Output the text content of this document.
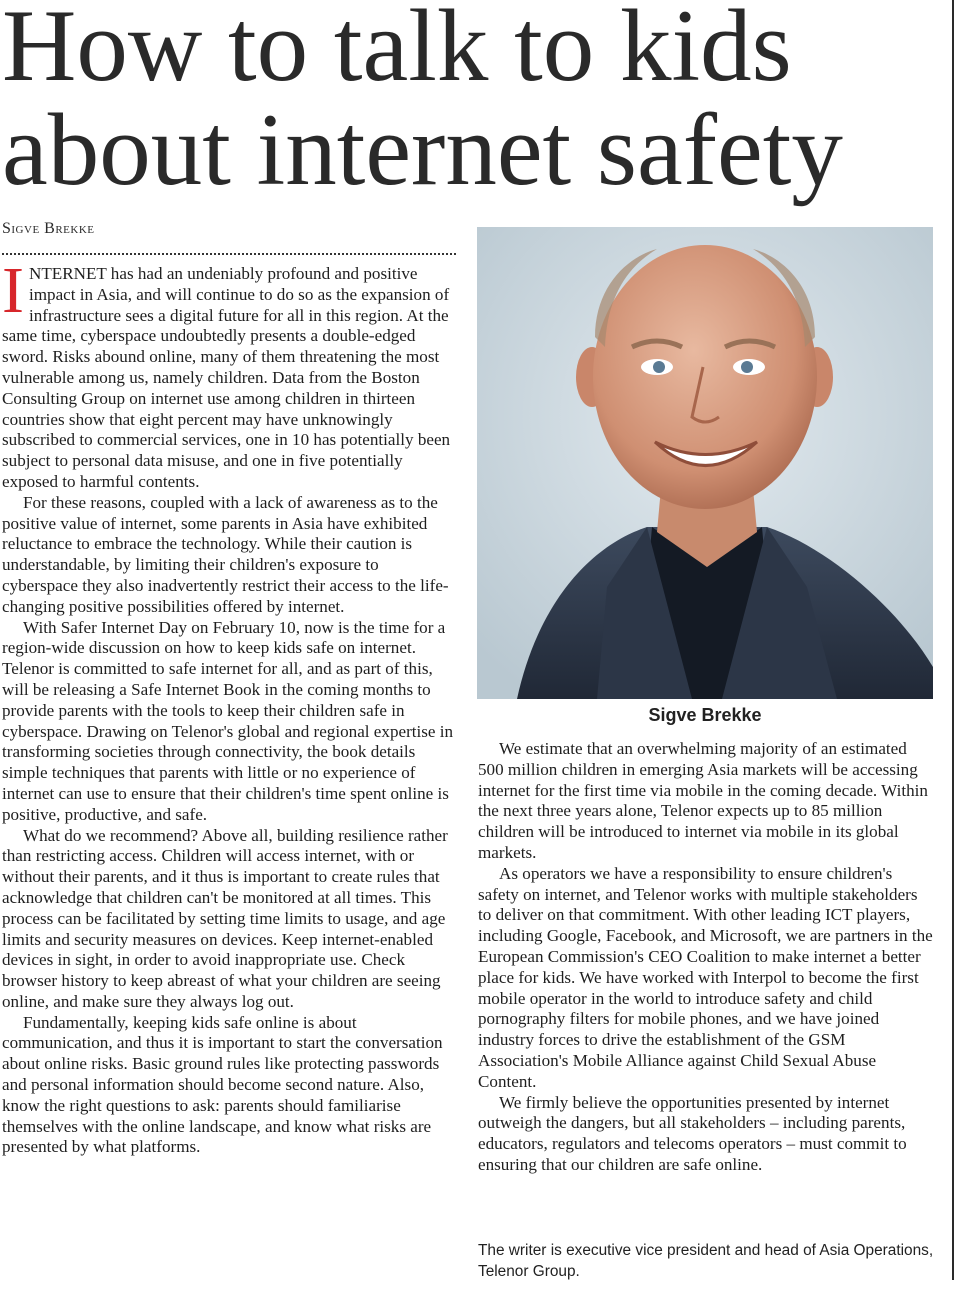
How to talk to kids about internet safety
Sigve Brekke

INTERNET has had an undeniably profound and positive impact in Asia, and will continue to do so as the expansion of infrastructure sees a digital future for all in this region. At the same time, cyberspace undoubtedly presents a double-edged sword. Risks abound online, many of them threatening the most vulnerable among us, namely children. Data from the Boston Consulting Group on internet use among children in thirteen countries show that eight percent may have unknowingly subscribed to commercial services, one in 10 has potentially been subject to personal data misuse, and one in five potentially exposed to harmful contents.

For these reasons, coupled with a lack of awareness as to the positive value of internet, some parents in Asia have exhibited reluctance to embrace the technology. While their caution is understandable, by limiting their children's exposure to cyberspace they also inadvertently restrict their access to the life-changing positive possibilities offered by internet.

With Safer Internet Day on February 10, now is the time for a region-wide discussion on how to keep kids safe on internet. Telenor is committed to safe internet for all, and as part of this, will be releasing a Safe Internet Book in the coming months to provide parents with the tools to keep their children safe in cyberspace. Drawing on Telenor's global and regional expertise in transforming societies through connectivity, the book details simple techniques that parents with little or no experience of internet can use to ensure that their children's time spent online is positive, productive, and safe.

What do we recommend? Above all, building resilience rather than restricting access. Children will access internet, with or without their parents, and it thus is important to create rules that acknowledge that children can't be monitored at all times. This process can be facilitated by setting time limits to usage, and age limits and security measures on devices. Keep internet-enabled devices in sight, in order to avoid inappropriate use. Check browser history to keep abreast of what your children are seeing online, and make sure they always log out.

Fundamentally, keeping kids safe online is about communication, and thus it is important to start the conversation about online risks. Basic ground rules like protecting passwords and personal information should become second nature. Also, know the right questions to ask: parents should familiarise themselves with the online landscape, and know what risks are presented by what platforms.

Sigve Brekke

We estimate that an overwhelming majority of an estimated 500 million children in emerging Asia markets will be accessing internet for the first time via mobile in the coming decade. Within the next three years alone, Telenor expects up to 85 million children will be introduced to internet via mobile in its global markets.

As operators we have a responsibility to ensure children's safety on internet, and Telenor works with multiple stakeholders to deliver on that commitment. With other leading ICT players, including Google, Facebook, and Microsoft, we are partners in the European Commission's CEO Coalition to make internet a better place for kids. We have worked with Interpol to become the first mobile operator in the world to introduce safety and child pornography filters for mobile phones, and we have joined industry forces to drive the establishment of the GSM Association's Mobile Alliance against Child Sexual Abuse Content.

We firmly believe the opportunities presented by internet outweigh the dangers, but all stakeholders – including parents, educators, regulators and telecoms operators – must commit to ensuring that our children are safe online.

The writer is executive vice president and head of Asia Operations, Telenor Group.
